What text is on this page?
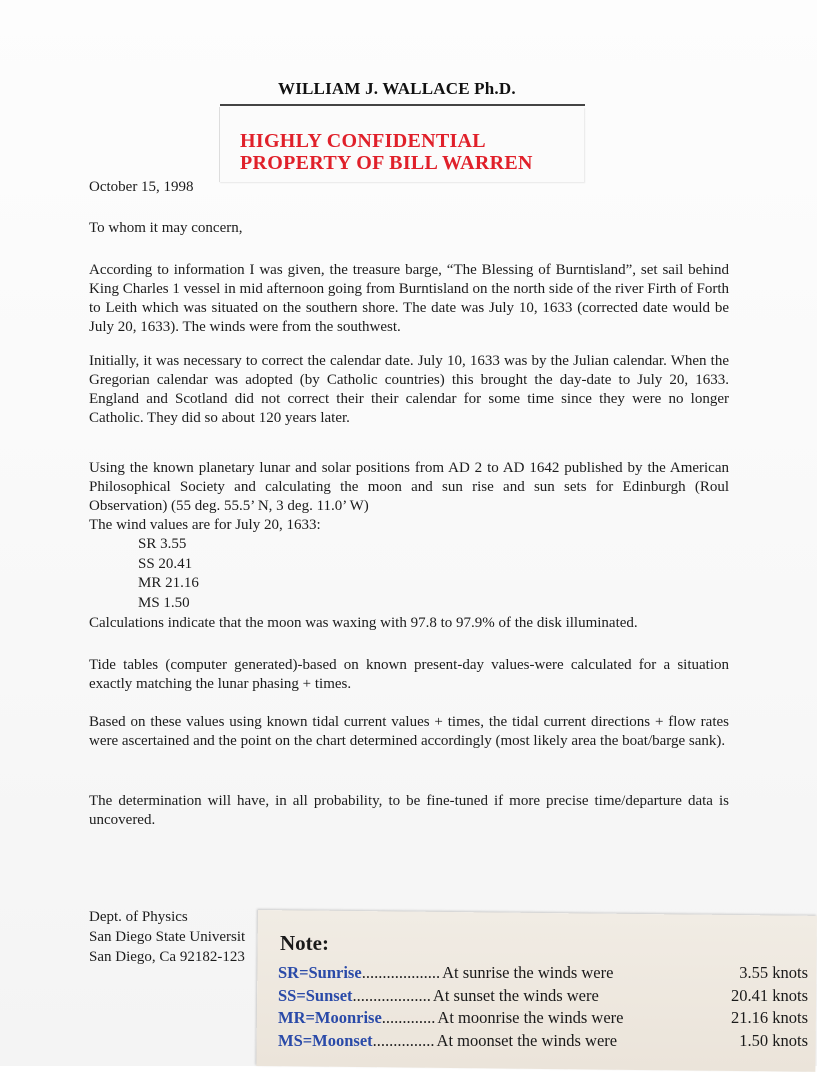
WILLIAM J. WALLACE Ph.D.
HIGHLY CONFIDENTIAL
PROPERTY OF BILL WARREN
October 15, 1998
To whom it may concern,
According to information I was given, the treasure barge, “The Blessing of Burntisland”, set sail behind King Charles 1 vessel in mid afternoon going from Burntisland on the north side of the river Firth of Forth to Leith which was situated on the southern shore. The date was July 10, 1633 (corrected date would be July 20, 1633). The winds were from the southwest.
Initially, it was necessary to correct the calendar date. July 10, 1633 was by the Julian calendar. When the Gregorian calendar was adopted (by Catholic countries) this brought the day-date to July 20, 1633. England and Scotland did not correct their their calendar for some time since they were no longer Catholic. They did so about 120 years later.
Using the known planetary lunar and solar positions from AD 2 to AD 1642 published by the American Philosophical Society and calculating the moon and sun rise and sun sets for Edinburgh (Roul Observation) (55 deg. 55.5’ N, 3 deg. 11.0’ W)
The wind values are for July 20, 1633:
SR 3.55
SS 20.41
MR 21.16
MS 1.50
Calculations indicate that the moon was waxing with 97.8 to 97.9% of the disk illuminated.
Tide tables (computer generated)-based on known present-day values-were calculated for a situation exactly matching the lunar phasing + times.
Based on these values using known tidal current values + times, the tidal current directions + flow rates were ascertained and the point on the chart determined accordingly (most likely area the boat/barge sank).
The determination will have, in all probability, to be fine-tuned if more precise time/departure data is uncovered.
Dept. of Physics
San Diego State Universit
San Diego, Ca 92182-123
Note:
SR=Sunrise ................... At sunrise the winds were	3.55 knots
SS=Sunset ................... At sunset the winds were	20.41 knots
MR=Moonrise ............. At moonrise the winds were	21.16 knots
MS=Moonset ............... At moonset the winds were	1.50 knots
